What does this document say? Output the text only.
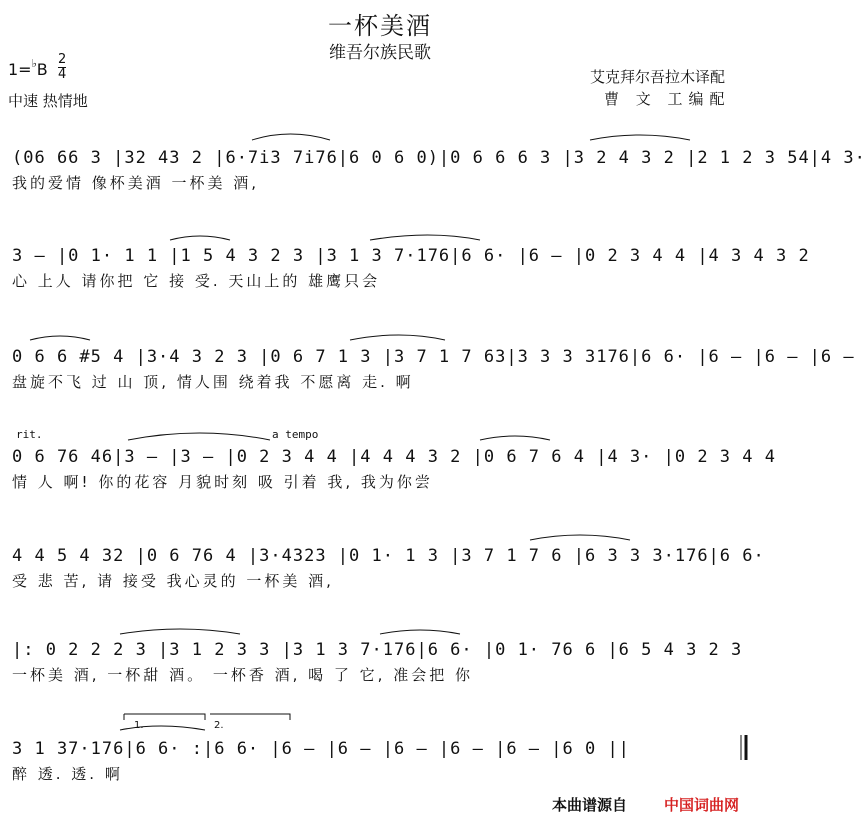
一杯美酒
维吾尔族民歌
1=♭B
2
4
中速 热情地
艾克拜尔吾拉木译配
曹 文 工编配
(06 66 3 |32 43 2 |6·7i3 7i76|6 0 6 0)|0 6 6 6 3 |3 2 4 3 2 |2 1 2 3 54|4 3·
我的爱情 像杯美酒 一杯美 酒,
3 – |0 1· 1 1 |1 5 4 3 2 3 |3 1 3 7·176|6 6· |6 – |0 2 3 4 4 |4 3 4 3 2
心 上人 请你把 它 接 受. 天山上的 雄鹰只会
0 6 6 #5 4 |3·4 3 2 3 |0 6 7 1 3 |3 7 1 7 63|3 3 3 3176|6 6· |6 – |6 – |6 –
盘旋不飞 过 山 顶, 情人围 绕着我 不愿离 走. 啊
rit.
0 6 76 46|3 – |3 – |0 2 3 4 4 |4 4 4 3 2 |0 6 7 6 4 |4 3· |0 2 3 4 4
情 人 啊! 你的花容 月貌时刻 吸 引着 我, 我为你尝
a tempo
4 4 5 4 32 |0 6 76 4 |3·4323 |0 1· 1 3 |3 7 1 7 6 |6 3 3 3·176|6 6·
受 悲 苦, 请 接受 我心灵的 一杯美 酒,
|: 0 2 2 2 3 |3 1 2 3 3 |3 1 3 7·176|6 6· |0 1· 76 6 |6 5 4 3 2 3
一杯美 酒, 一杯甜 酒。 一杯香 酒, 喝 了 它, 准会把 你
3 1 37·176|6 6· :|6 6· |6 – |6 – |6 – |6 – |6 – |6 0 ||
醉 透. 透. 啊
1.	2.
本曲谱源自 中国词曲网
